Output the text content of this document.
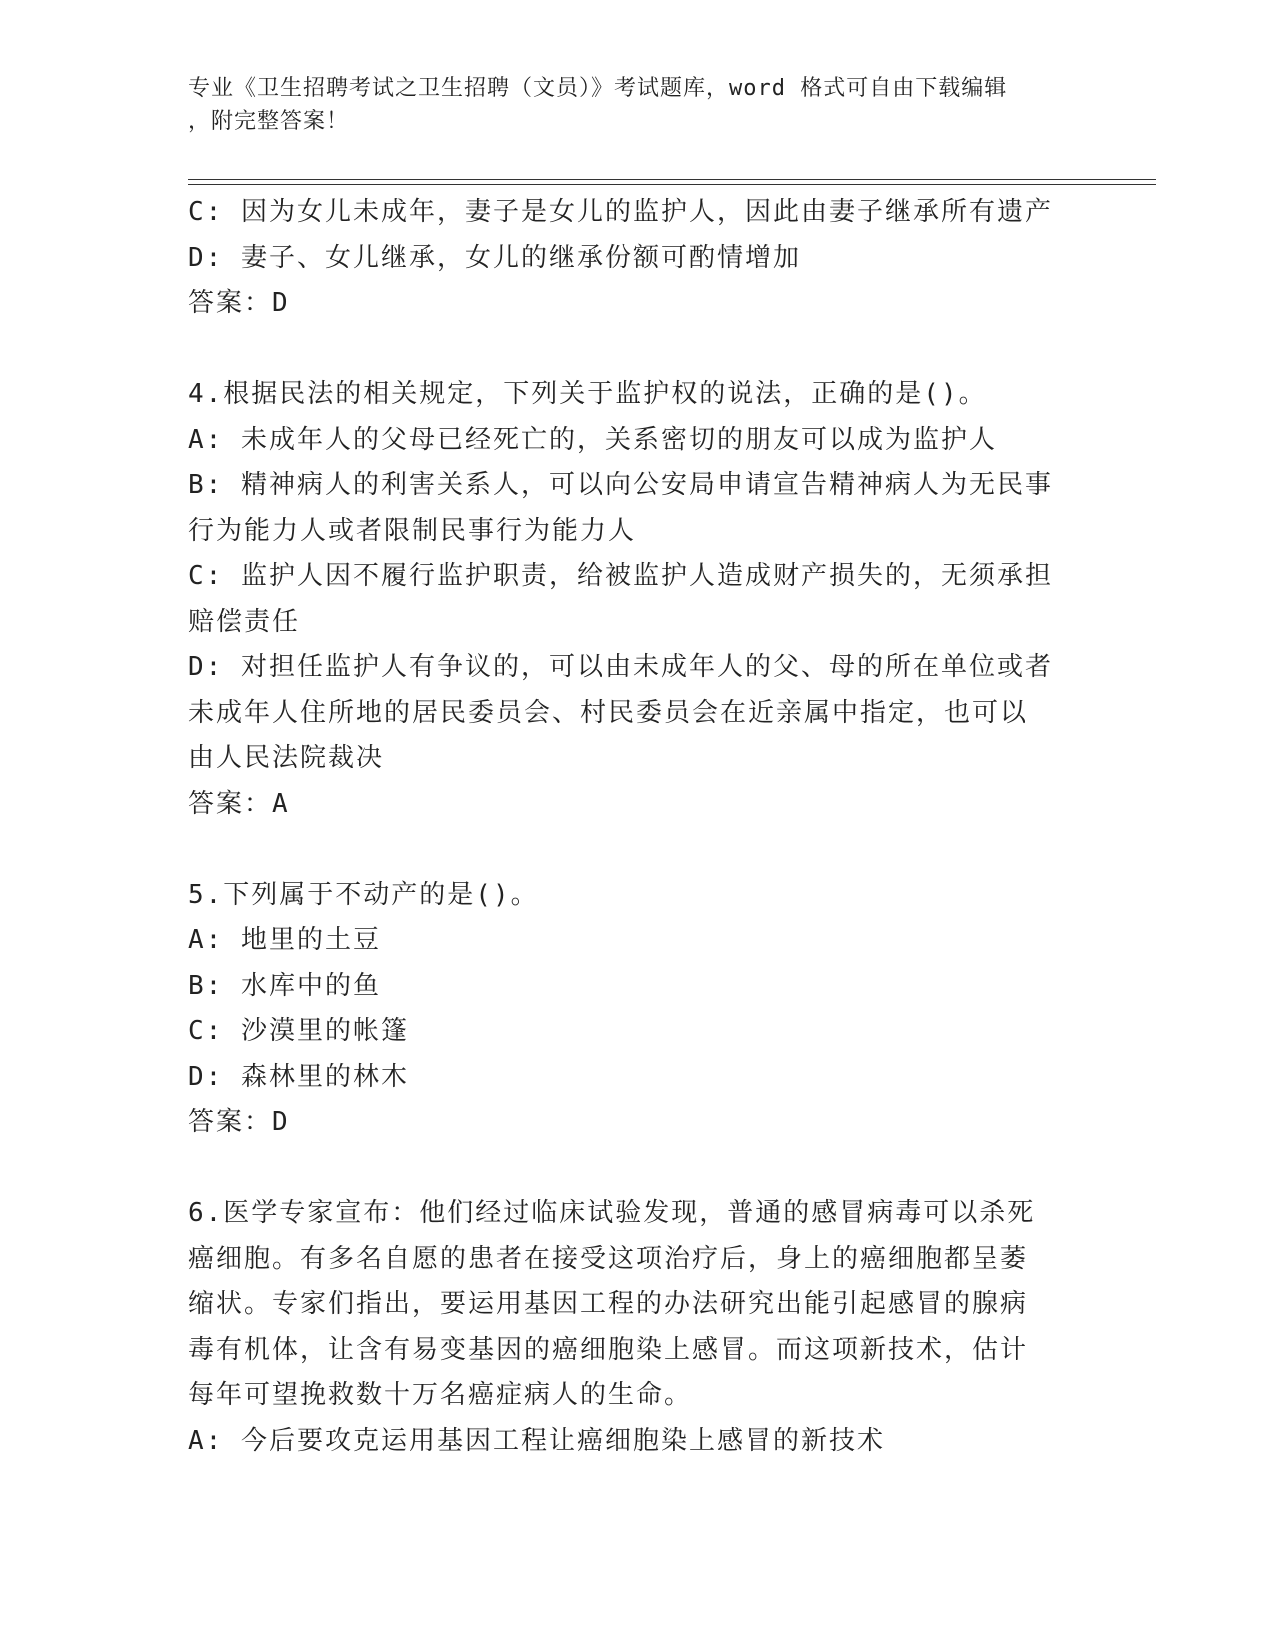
专业《卫生招聘考试之卫生招聘（文员）》考试题库，word 格式可自由下载编辑
，附完整答案！
C: 因为女儿未成年，妻子是女儿的监护人，因此由妻子继承所有遗产
D: 妻子、女儿继承，女儿的继承份额可酌情增加
答案：D
4.根据民法的相关规定，下列关于监护权的说法，正确的是()。
A: 未成年人的父母已经死亡的，关系密切的朋友可以成为监护人
B: 精神病人的利害关系人，可以向公安局申请宣告精神病人为无民事
行为能力人或者限制民事行为能力人
C: 监护人因不履行监护职责，给被监护人造成财产损失的，无须承担
赔偿责任
D: 对担任监护人有争议的，可以由未成年人的父、母的所在单位或者
未成年人住所地的居民委员会、村民委员会在近亲属中指定，也可以
由人民法院裁决
答案：A
5.下列属于不动产的是()。
A: 地里的土豆
B: 水库中的鱼
C: 沙漠里的帐篷
D: 森林里的林木
答案：D
6.医学专家宣布：他们经过临床试验发现，普通的感冒病毒可以杀死
癌细胞。有多名自愿的患者在接受这项治疗后，身上的癌细胞都呈萎
缩状。专家们指出，要运用基因工程的办法研究出能引起感冒的腺病
毒有机体，让含有易变基因的癌细胞染上感冒。而这项新技术，估计
每年可望挽救数十万名癌症病人的生命。
A: 今后要攻克运用基因工程让癌细胞染上感冒的新技术
